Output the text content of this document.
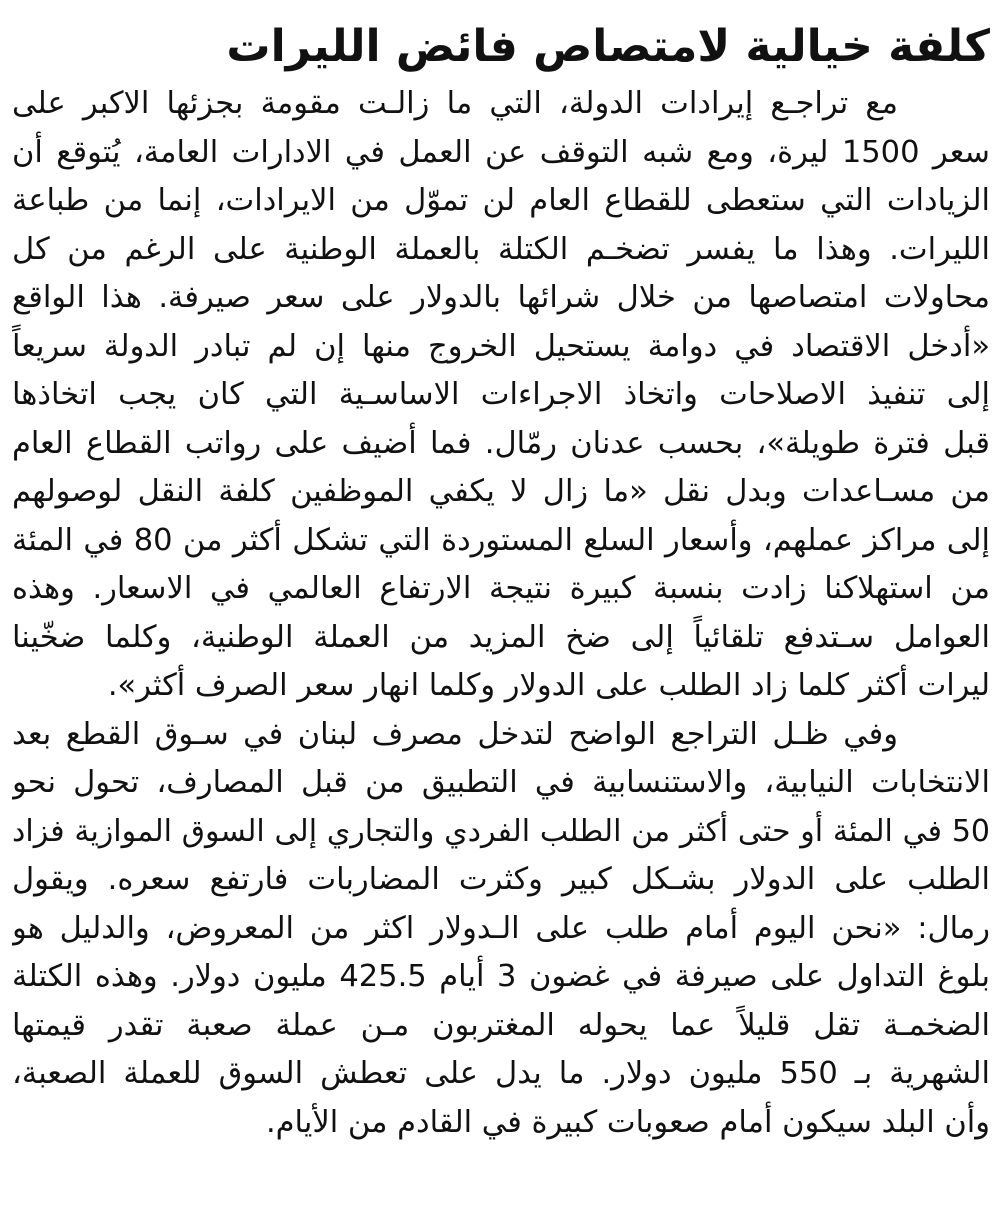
كلفة خيالية لامتصاص فائض الليرات

مع تراجـع إيرادات الدولة، التي ما زالـت مقومة بجزئها الاكبر على
سعر 1500 ليرة، ومع شبه التوقف عن العمل في الادارات العامة، يُتوقع أن
الزيادات التي ستعطى للقطاع العام لن تموّل من الايرادات، إنما من طباعة
الليرات. وهذا ما يفسر تضخـم الكتلة بالعملة الوطنية على الرغم من كل
محاولات امتصاصها من خلال شرائها بالدولار على سعر صيرفة. هذا الواقع
«أدخل الاقتصاد في دوامة يستحيل الخروج منها إن لم تبادر الدولة سريعاً
إلى تنفيذ الاصلاحات واتخاذ الاجراءات الاساسـية التي كان يجب اتخاذها
قبل فترة طويلة»، بحسب عدنان رمّال. فما أضيف على رواتب القطاع العام
من مسـاعدات وبدل نقل «ما زال لا يكفي الموظفين كلفة النقل لوصولهم
إلى مراكز عملهم، وأسعار السلع المستوردة التي تشكل أكثر من 80 في المئة
من استهلاكنا زادت بنسبة كبيرة نتيجة الارتفاع العالمي في الاسعار. وهذه
العوامل سـتدفع تلقائياً إلى ضخ المزيد من العملة الوطنية، وكلما ضخّينا
ليرات أكثر كلما زاد الطلب على الدولار وكلما انهار سعر الصرف أكثر».

وفي ظـل التراجع الواضح لتدخل مصرف لبنان في سـوق القطع بعد
الانتخابات النيابية، والاستنسابية في التطبيق من قبل المصارف، تحول نحو
50 في المئة أو حتى أكثر من الطلب الفردي والتجاري إلى السوق الموازية فزاد
الطلب على الدولار بشـكل كبير وكثرت المضاربات فارتفع سعره. ويقول
رمال: «نحن اليوم أمام طلب على الـدولار اكثر من المعروض، والدليل هو
بلوغ التداول على صيرفة في غضون 3 أيام 425.5 مليون دولار. وهذه الكتلة
الضخمـة تقل قليلاً عما يحوله المغتربون مـن عملة صعبة تقدر قيمتها
الشهرية بـ 550 مليون دولار. ما يدل على تعطش السوق للعملة الصعبة،
وأن البلد سيكون أمام صعوبات كبيرة في القادم من الأيام.
